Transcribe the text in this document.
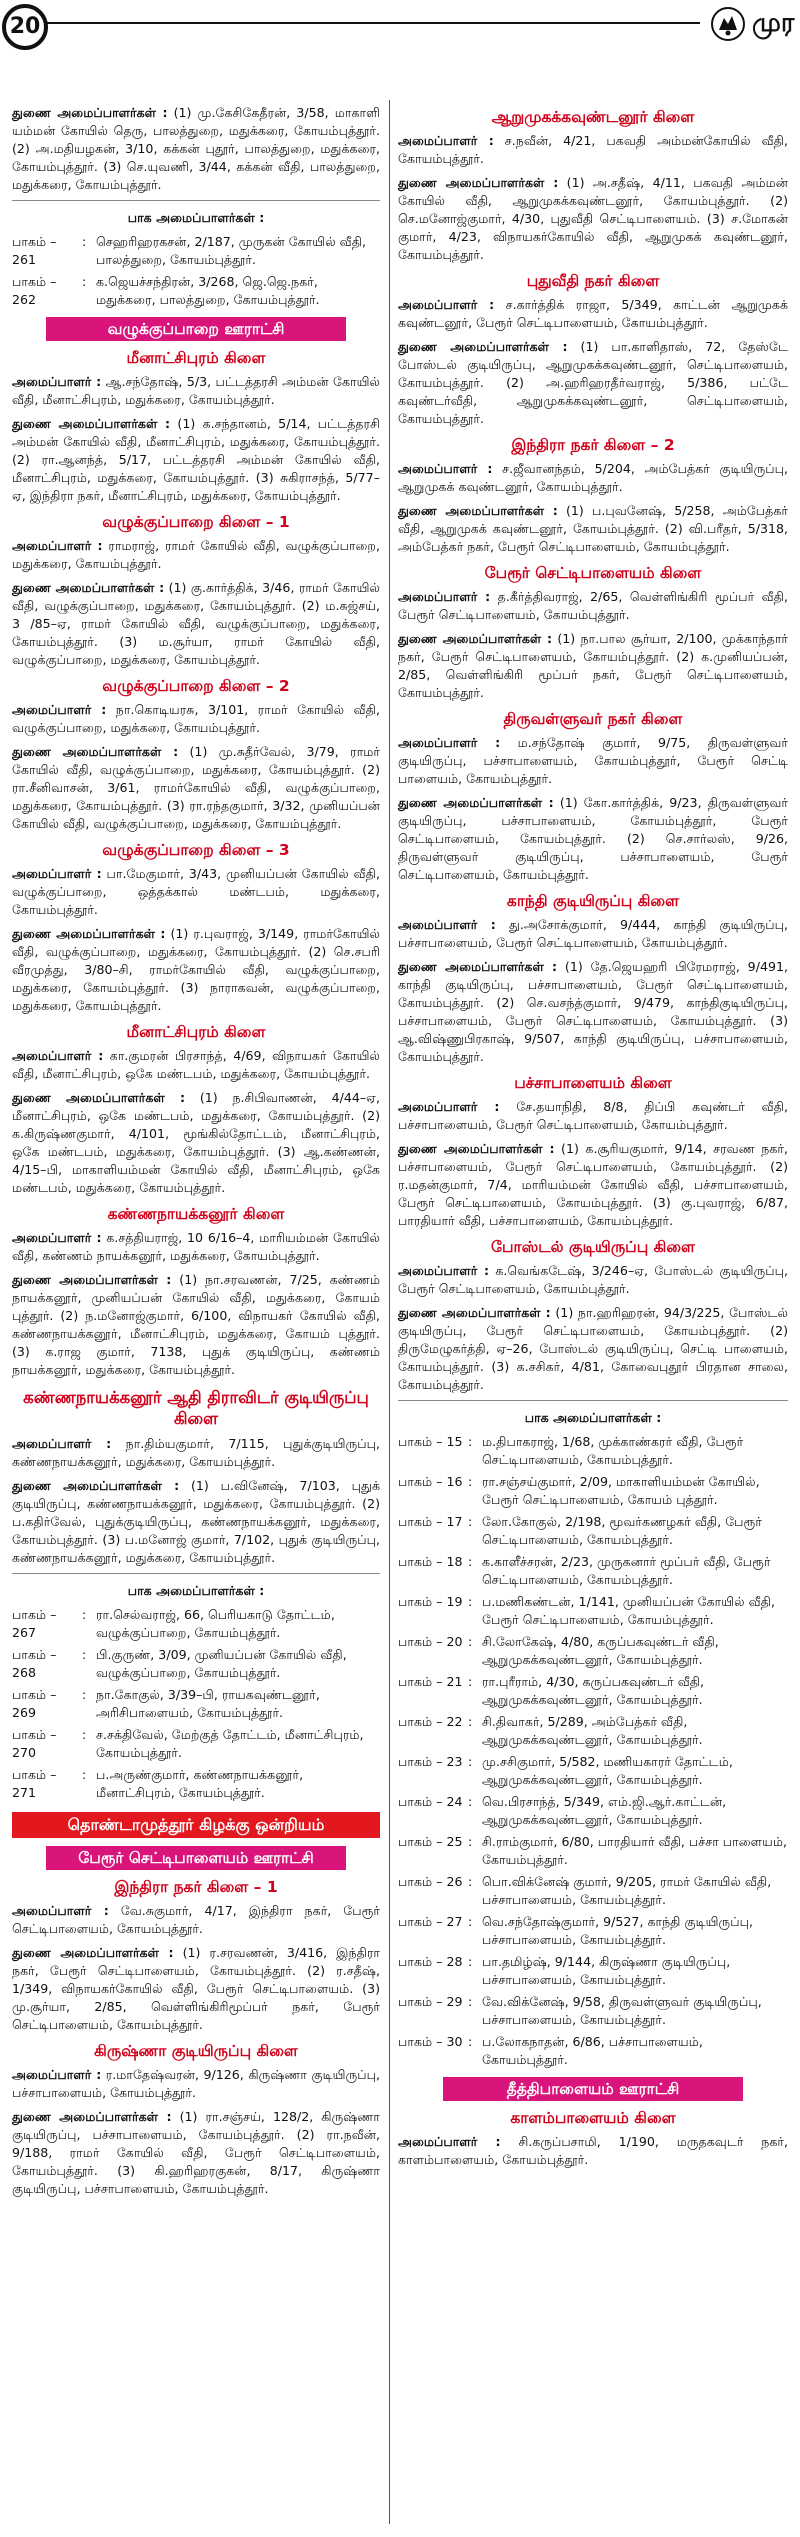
20	முர

துணை அமைப்பாளர்கள் : (1) மு.கேசிகேதீரன், 3/58, மாகாளி யம்மன் கோயில் தெரு, பாலத்துறை, மதுக்கரை, கோயம்புத்தூர். (2) அ.மதியழகன், 3/10, கக்கன் புதூர், பாலத்துறை, மதுக்கரை, கோயம்புத்தூர். (3) செ.யுவணி, 3/44, கக்கன் வீதி, பாலத்துறை, மதுக்கரை, கோயம்புத்தூர்.

பாக அமைப்பாளர்கள் :
பாகம் – 261
: செஹரிஹரகசன், 2/187, முருகன் கோயில் வீதி, பாலத்துறை, கோயம்புத்தூர்.
பாகம் – 262
: க.ஜெயச்சந்திரன், 3/268, ஜெ.ஜெ.நகர், மதுக்கரை, பாலத்துறை, கோயம்புத்தூர்.
வழுக்குப்பாறை ஊராட்சி
மீனாட்சிபுரம் கிளை

அமைப்பாளர் : ஆ.சந்தோஷ், 5/3, பட்டத்தரசி அம்மன் கோயில் வீதி, மீனாட்சிபுரம், மதுக்கரை, கோயம்புத்தூர்.

துணை அமைப்பாளர்கள் : (1) க.சந்தானம், 5/14, பட்டத்தரசி அம்மன் கோயில் வீதி, மீனாட்சிபுரம், மதுக்கரை, கோயம்புத்தூர். (2) ரா.ஆனந்த், 5/17, பட்டத்தரசி அம்மன் கோயில் வீதி, மீனாட்சிபுரம், மதுக்கரை, கோயம்புத்தூர். (3) சுகிராசந்த், 5/77–ஏ, இந்திரா நகர், மீனாட்சிபுரம், மதுக்கரை, கோயம்புத்தூர்.

வழுக்குப்பாறை கிளை – 1

அமைப்பாளர் : ராமராஜ், ராமர் கோயில் வீதி, வழுக்குப்பாறை, மதுக்கரை, கோயம்புத்தூர்.

துணை அமைப்பாளர்கள் : (1) கு.கார்த்திக், 3/46, ராமர் கோயில் வீதி, வழுக்குப்பாறை, மதுக்கரை, கோயம்புத்தூர். (2) ம.சுஜ்சய், 3 /85–ஏ, ராமர் கோயில் வீதி, வழுக்குப்பாறை, மதுக்கரை, கோயம்புத்தூர். (3) ம.சூர்யா, ராமர் கோயில் வீதி, வழுக்குப்பாறை, மதுக்கரை, கோயம்புத்தூர்.

வழுக்குப்பாறை கிளை – 2

அமைப்பாளர் : நா.கொடியரசு, 3/101, ராமர் கோயில் வீதி, வழுக்குப்பாறை, மதுக்கரை, கோயம்புத்தூர்.

துணை அமைப்பாளர்கள் : (1) மு.சுதீர்வேல், 3/79, ராமர் கோயில் வீதி, வழுக்குப்பாறை, மதுக்கரை, கோயம்புத்தூர். (2) ரா.சீனிவாசன், 3/61, ராமர்கோயில் வீதி, வழுக்குப்பாறை, மதுக்கரை, கோயம்புத்தூர். (3) ரா.ரந்தகுமார், 3/32, முனியப்பன் கோயில் வீதி, வழுக்குப்பாறை, மதுக்கரை, கோயம்புத்தூர்.

வழுக்குப்பாறை கிளை – 3

அமைப்பாளர் : பா.மேகுமார், 3/43, முனியப்பன் கோயில் வீதி, வழுக்குப்பாறை, ஒத்தக்கால் மண்டபம், மதுக்கரை, கோயம்புத்தூர்.

துணை அமைப்பாளர்கள் : (1) ர.புவராஜ், 3/149, ராமர்கோயில் வீதி, வழுக்குப்பாறை, மதுக்கரை, கோயம்புத்தூர். (2) செ.சபரி வீரமுத்து, 3/80–சி, ராமர்கோயில் வீதி, வழுக்குப்பாறை, மதுக்கரை, கோயம்புத்தூர். (3) நாராகவன், வழுக்குப்பாறை, மதுக்கரை, கோயம்புத்தூர்.

மீனாட்சிபுரம் கிளை

அமைப்பாளர் : கா.குமரன் பிரசாந்த், 4/69, விநாயகர் கோயில் வீதி, மீனாட்சிபுரம், ஒகே மண்டபம், மதுக்கரை, கோயம்புத்தூர்.

துணை அமைப்பாளர்கள் : (1) ந.சிபிவாணன், 4/44–ஏ, மீனாட்சிபுரம், ஒகே மண்டபம், மதுக்கரை, கோயம்புத்தூர். (2) க.கிருஷ்ணகுமார், 4/101, மூங்கில்தோட்டம், மீனாட்சிபுரம், ஒகே மண்டபம், மதுக்கரை, கோயம்புத்தூர். (3) ஆ.கண்ணன், 4/15–பி, மாகாளியம்மன் கோயில் வீதி, மீனாட்சிபுரம், ஒகே மண்டபம், மதுக்கரை, கோயம்புத்தூர்.

கண்ணநாயக்கனூர் கிளை

அமைப்பாளர் : க.சத்தியராஜ், 10 6/16–4, மாரியம்மன் கோயில் வீதி, கண்ணம் நாயக்கனூர், மதுக்கரை, கோயம்புத்தூர்.

துணை அமைப்பாளர்கள் : (1) நா.சரவணன், 7/25, கண்ணம் நாயக்கனூர், முனியப்பன் கோயில் வீதி, மதுக்கரை, கோயம் புத்தூர். (2) ந.மனோஜ்குமார், 6/100, விநாயகர் கோயில் வீதி, கண்ணநாயக்கனூர், மீனாட்சிபுரம், மதுக்கரை, கோயம் புத்தூர். (3) க.ராஜ குமார், 7138, புதுக் குடியிருப்பு, கண்ணம் நாயக்கனூர், மதுக்கரை, கோயம்புத்தூர்.

கண்ணநாயக்கனூர் ஆதி திராவிடர் குடியிருப்பு கிளை

அமைப்பாளர் : நா.திம்யகுமார், 7/115, புதுக்குடியிருப்பு, கண்ணநாயக்கனூர், மதுக்கரை, கோயம்புத்தூர்.

துணை அமைப்பாளர்கள் : (1) ப.வினேஷ், 7/103, புதுக் குடியிருப்பு, கண்ணநாயக்கனூர், மதுக்கரை, கோயம்புத்தூர். (2) ப.கதிர்வேல், புதுக்குடியிருப்பு, கண்ணநாயக்கனூர், மதுக்கரை, கோயம்புத்தூர். (3) ப.மனோஜ் குமார், 7/102, புதுக் குடியிருப்பு, கண்ணநாயக்கனூர், மதுக்கரை, கோயம்புத்தூர்.

பாக அமைப்பாளர்கள் :
பாகம் – 267
: ரா.செல்வராஜ், 66, பெரியகாடு தோட்டம், வழுக்குப்பாறை, கோயம்புத்தூர்.
பாகம் – 268
: பி.குருண், 3/09, முனியப்பன் கோயில் வீதி, வழுக்குப்பாறை, கோயம்புத்தூர்.
பாகம் – 269
: நா.கோகுல், 3/39–பி, ராயகவுண்டனூர், அரிசிபாளையம், கோயம்புத்தூர்.
பாகம் – 270
: ச.சக்திவேல், மேற்குத் தோட்டம், மீனாட்சிபுரம், கோயம்புத்தூர்.
பாகம் – 271
: ப.அருண்குமார், கண்ணநாயக்கனூர், மீனாட்சிபுரம், கோயம்புத்தூர்.
தொண்டாமுத்தூர் கிழக்கு ஒன்றியம்
பேரூர் செட்டிபாளையம் ஊராட்சி
இந்திரா நகர் கிளை – 1

அமைப்பாளர் : வே.சுகுமார், 4/17, இந்திரா நகர், பேரூர் செட்டிபாளையம், கோயம்புத்தூர்.

துணை அமைப்பாளர்கள் : (1) ர.சரவணன், 3/416, இந்திரா நகர், பேரூர் செட்டிபாளையம், கோயம்புத்தூர். (2) ர.சதீஷ், 1/349, விநாயகர்கோயில் வீதி, பேரூர் செட்டிபாளையம். (3) மு.சூர்யா, 2/85, வெள்ளிங்கிரிமூப்பர் நகர், பேரூர் செட்டிபாளையம், கோயம்புத்தூர்.

கிருஷ்ணா குடியிருப்பு கிளை

அமைப்பாளர் : ர.மாதேஷ்வரன், 9/126, கிருஷ்ணா குடியிருப்பு, பச்சாபாளையம், கோயம்புத்தூர்.

துணை அமைப்பாளர்கள் : (1) ரா.சஞ்சய், 128/2, கிருஷ்ணா குடியிருப்பு, பச்சாபாளையம், கோயம்புத்தூர். (2) ரா.நவீன், 9/188, ராமர் கோயில் வீதி, பேரூர் செட்டிபாளையம், கோயம்புத்தூர். (3) கி.ஹரிஹரகுகன், 8/17, கிருஷ்ணா குடியிருப்பு, பச்சாபாளையம், கோயம்புத்தூர்.

ஆறுமுகக்கவுண்டனூர் கிளை

அமைப்பாளர் : ச.நவீன், 4/21, பகவதி அம்மன்கோயில் வீதி, கோயம்புத்தூர்.

துணை அமைப்பாளர்கள் : (1) அ.சதீஷ், 4/11, பகவதி அம்மன் கோயில் வீதி, ஆறுமுகக்கவுண்டனூர், கோயம்புத்தூர். (2) செ.மனோஜ்குமார், 4/30, புதுவீதி செட்டிபாளையம். (3) ச.மோகன் குமார், 4/23, விநாயகர்கோயில் வீதி, ஆறுமுகக் கவுண்டனூர், கோயம்புத்தூர்.

புதுவீதி நகர் கிளை

அமைப்பாளர் : ச.கார்த்திக் ராஜா, 5/349, காட்டன் ஆறுமுகக் கவுண்டனூர், பேரூர் செட்டிபாளையம், கோயம்புத்தூர்.

துணை அமைப்பாளர்கள் : (1) பா.காளிதாஸ், 72, தேஸ்டே போஸ்டல் குடியிருப்பு, ஆறுமுகக்கவுண்டனூர், செட்டிபாளையம், கோயம்புத்தூர். (2) அ.ஹரிஹரதீர்வராஜ், 5/386, பட்டே கவுண்டர்வீதி, ஆறுமுகக்கவுண்டனூர், செட்டிபாளையம், கோயம்புத்தூர்.

இந்திரா நகர் கிளை – 2

அமைப்பாளர் : ச.ஜீவானந்தம், 5/204, அம்பேத்கர் குடியிருப்பு, ஆறுமுகக் கவுண்டனூர், கோயம்புத்தூர்.

துணை அமைப்பாளர்கள் : (1) ப.புவனேஷ், 5/258, அம்பேத்கர் வீதி, ஆறுமுகக் கவுண்டனூர், கோயம்புத்தூர். (2) வி.பரீதர், 5/318, அம்பேத்கர் நகர், பேரூர் செட்டிபாளையம், கோயம்புத்தூர்.

பேரூர் செட்டிபாளையம் கிளை

அமைப்பாளர் : த.கீர்த்திவராஜ், 2/65, வெள்ளிங்கிரி மூப்பர் வீதி, பேரூர் செட்டிபாளையம், கோயம்புத்தூர்.

துணை அமைப்பாளர்கள் : (1) நா.பால சூர்யா, 2/100, முக்காந்தார் நகர், பேரூர் செட்டிபாளையம், கோயம்புத்தூர். (2) க.முனியப்பன், 2/85, வெள்ளிங்கிரி மூப்பர் நகர், பேரூர் செட்டிபாளையம், கோயம்புத்தூர்.

திருவள்ளுவர் நகர் கிளை

அமைப்பாளர் : ம.சந்தோஷ் குமார், 9/75, திருவள்ளுவர் குடியிருப்பு, பச்சாபாளையம், கோயம்புத்தூர், பேரூர் செட்டி பாளையம், கோயம்புத்தூர்.

துணை அமைப்பாளர்கள் : (1) கோ.கார்த்திக், 9/23, திருவள்ளுவர் குடியிருப்பு, பச்சாபாளையம், கோயம்புத்தூர், பேரூர் செட்டிபாளையம், கோயம்புத்தூர். (2) செ.சார்லஸ், 9/26, திருவள்ளுவர் குடியிருப்பு, பச்சாபாளையம், பேரூர் செட்டிபாளையம், கோயம்புத்தூர்.

காந்தி குடியிருப்பு கிளை

அமைப்பாளர் : து.அசோக்குமார், 9/444, காந்தி குடியிருப்பு, பச்சாபாளையம், பேரூர் செட்டிபாளையம், கோயம்புத்தூர்.

துணை அமைப்பாளர்கள் : (1) தே.ஜெயஹரி பிரேமராஜ், 9/491, காந்தி குடியிருப்பு, பச்சாபாளையம், பேரூர் செட்டிபாளையம், கோயம்புத்தூர். (2) செ.வசந்த்குமார், 9/479, காந்திகுடியிருப்பு, பச்சாபாளையம், பேரூர் செட்டிபாளையம், கோயம்புத்தூர். (3) ஆ.விஷ்ணுபிரகாஷ், 9/507, காந்தி குடியிருப்பு, பச்சாபாளையம், கோயம்புத்தூர்.

பச்சாபாளையம் கிளை

அமைப்பாளர் : சே.தயாநிதி, 8/8, திப்பி கவுண்டர் வீதி, பச்சாபாளையம், பேரூர் செட்டிபாளையம், கோயம்புத்தூர்.

துணை அமைப்பாளர்கள் : (1) க.சூரியகுமார், 9/14, சரவண நகர், பச்சாபாளையம், பேரூர் செட்டிபாளையம், கோயம்புத்தூர். (2) ர.மதன்குமார், 7/4, மாரியம்மன் கோயில் வீதி, பச்சாபாளையம், பேரூர் செட்டிபாளையம், கோயம்புத்தூர். (3) கு.புவராஜ், 6/87, பாரதியார் வீதி, பச்சாபாளையம், கோயம்புத்தூர்.

போஸ்டல் குடியிருப்பு கிளை

அமைப்பாளர் : க.வெங்கடேஷ், 3/246–ஏ, போஸ்டல் குடியிருப்பு, பேரூர் செட்டிபாளையம், கோயம்புத்தூர்.

துணை அமைப்பாளர்கள் : (1) நா.ஹரிஹரன், 94/3/225, போஸ்டல் குடியிருப்பு, பேரூர் செட்டிபாளையம், கோயம்புத்தூர். (2) திருமேழுகர்த்தி, ஏ–26, போஸ்டல் குடியிருப்பு, செட்டி பாளையம், கோயம்புத்தூர். (3) க.சசிகர், 4/81, கோவைபுதூர் பிரதான சாலை, கோயம்புத்தூர்.

பாக அமைப்பாளர்கள் :
பாகம் – 15 : ம.திபாகராஜ், 1/68, முக்காண்கரர் வீதி, பேரூர் செட்டிபாளையம், கோயம்புத்தூர்.
பாகம் – 16 : ரா.சஞ்சய்குமார், 2/09, மாகாளியம்மன் கோயில், பேரூர் செட்டிபாளையம், கோயம் புத்தூர்.
பாகம் – 17 : லோ.கோகுல், 2/198, மூவர்கணழகர் வீதி, பேரூர் செட்டிபாளையம், கோயம்புத்தூர்.
பாகம் – 18 : க.காளீச்சரன், 2/23, முருகனார் மூப்பர் வீதி, பேரூர் செட்டிபாளையம், கோயம்புத்தூர்.
பாகம் – 19 : ப.மணிகண்டன், 1/141, முனியப்பன் கோயில் வீதி, பேரூர் செட்டிபாளையம், கோயம்புத்தூர்.
பாகம் – 20 : சி.லோகேஷ், 4/80, கருப்பகவுண்டர் வீதி, ஆறுமுகக்கவுண்டனூர், கோயம்புத்தூர்.
பாகம் – 21 : ரா.புரீராம், 4/30, கருப்பகவுண்டர் வீதி, ஆறுமுகக்கவுண்டனூர், கோயம்புத்தூர்.
பாகம் – 22 : சி.திவாகர், 5/289, அம்பேத்கர் வீதி, ஆறுமுகக்கவுண்டனூர், கோயம்புத்தூர்.
பாகம் – 23 : மு.சசிகுமார், 5/582, மணியகாரர் தோட்டம், ஆறுமுகக்கவுண்டனூர், கோயம்புத்தூர்.
பாகம் – 24 : வெ.பிரசாந்த், 5/349, எம்.ஜி.ஆர்.காட்டன், ஆறுமுகக்கவுண்டனூர், கோயம்புத்தூர்.
பாகம் – 25 : சி.ராம்குமார், 6/80, பாரதியார் வீதி, பச்சா பாளையம், கோயம்புத்தூர்.
பாகம் – 26 : பொ.விக்னேஷ் குமார், 9/205, ராமர் கோயில் வீதி, பச்சாபாளையம், கோயம்புத்தூர்.
பாகம் – 27 : வெ.சந்தோஷ்குமார், 9/527, காந்தி குடியிருப்பு, பச்சாபாளையம், கோயம்புத்தூர்.
பாகம் – 28 : பா.தமிழ்ஷ், 9/144, கிருஷ்ணா குடியிருப்பு, பச்சாபாளையம், கோயம்புத்தூர்.
பாகம் – 29 : வே.விக்னேஷ், 9/58, திருவள்ளுவர் குடியிருப்பு, பச்சாபாளையம், கோயம்புத்தூர்.
பாகம் – 30 : ப.லோகநாதன், 6/86, பச்சாபாளையம், கோயம்புத்தூர்.
தீத்திபாளையம் ஊராட்சி
காளம்பாளையம் கிளை

அமைப்பாளர் : சி.கருப்பசாமி, 1/190, மருதகவுடர் நகர், காளம்பாளையம், கோயம்புத்தூர்.
